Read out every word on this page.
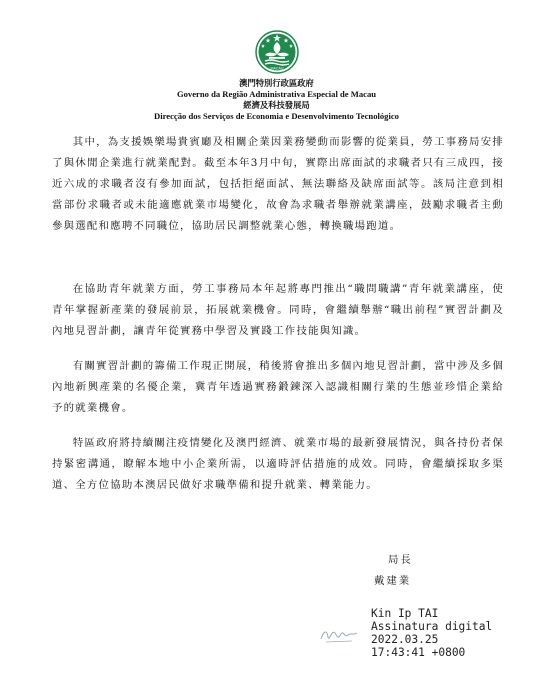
MACAU
澳門特別行政區政府
Governo da Região Administrativa Especial de Macau
經濟及科技發展局
Direcção dos Serviços de Economia e Desenvolvimento Tecnológico

其中，為支援娛樂場貴賓廳及相關企業因業務變動而影響的從業員，勞工事務局安排了與休閒企業進行就業配對。截至本年3月中旬，實際出席面試的求職者只有三成四，接近六成的求職者沒有參加面試，包括拒絕面試、無法聯絡及缺席面試等。該局注意到相當部份求職者或未能適應就業市場變化，故會為求職者舉辦就業講座，鼓勵求職者主動參與選配和應聘不同職位，協助居民調整就業心態，轉換職場跑道。

在協助青年就業方面，勞工事務局本年起將專門推出“職問職講”青年就業講座，使青年掌握新產業的發展前景，拓展就業機會。同時，會繼續舉辦“職出前程”實習計劃及內地見習計劃，讓青年從實務中學習及實踐工作技能與知識。

有關實習計劃的籌備工作現正開展，稍後將會推出多個內地見習計劃，當中涉及多個內地新興產業的名優企業，冀青年透過實務鍛鍊深入認識相關行業的生態並珍惜企業給予的就業機會。

特區政府將持續關注疫情變化及澳門經濟、就業市場的最新發展情況，與各持份者保持緊密溝通，瞭解本地中小企業所需，以適時評估措施的成效。同時，會繼續採取多渠道、全方位協助本澳居民做好求職準備和提升就業、轉業能力。

局長
戴建業
Kin Ip TAI
Assinatura digital
2022.03.25
17:43:41 +0800
